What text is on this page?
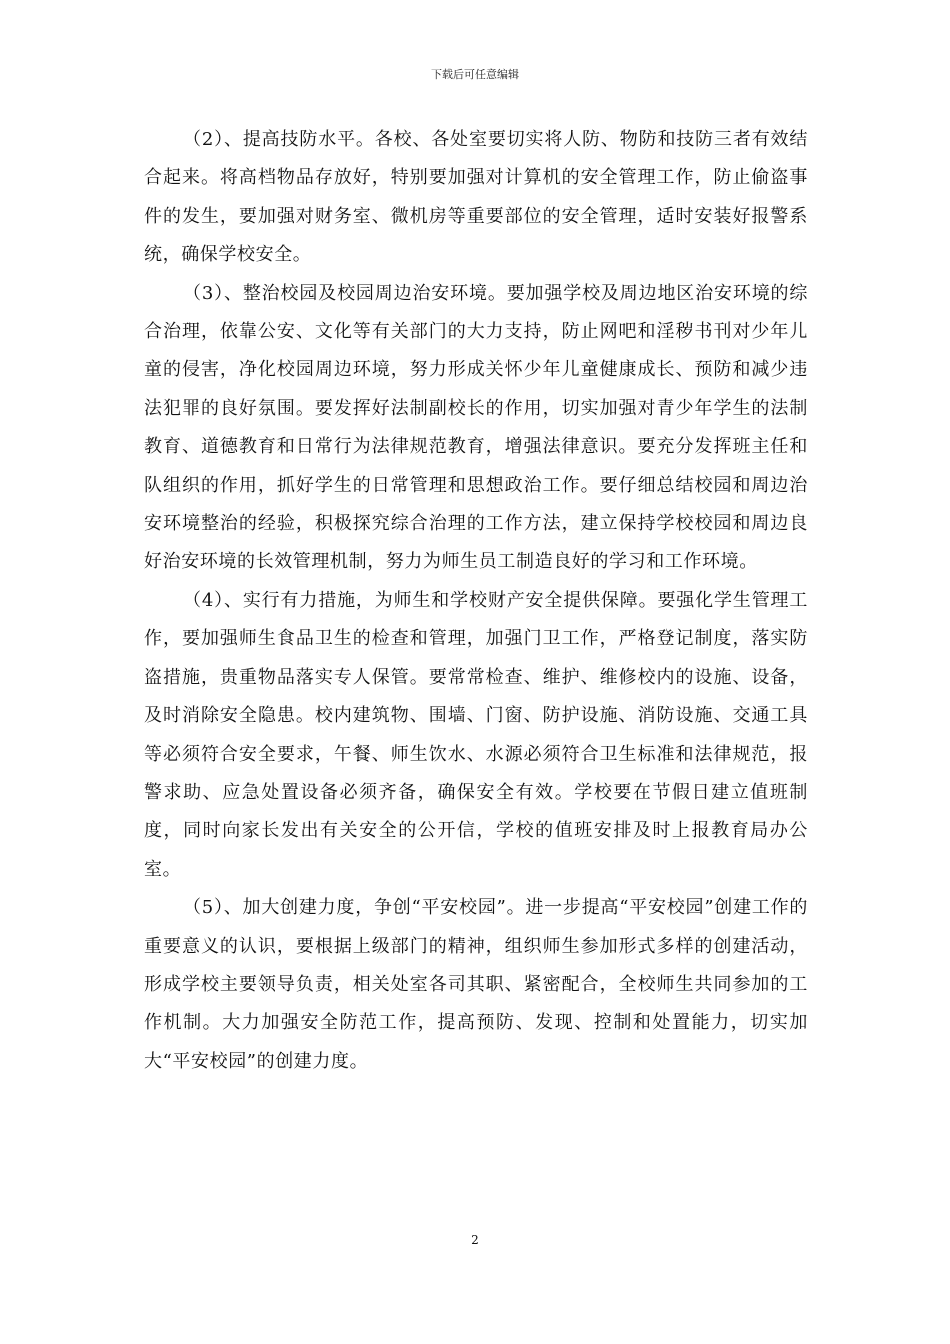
下载后可任意编辑

（2）、提高技防水平。各校、各处室要切实将人防、物防和技防三者有效结合起来。将高档物品存放好，特别要加强对计算机的安全管理工作，防止偷盗事件的发生，要加强对财务室、微机房等重要部位的安全管理，适时安装好报警系统，确保学校安全。

（3）、整治校园及校园周边治安环境。要加强学校及周边地区治安环境的综合治理，依靠公安、文化等有关部门的大力支持，防止网吧和淫秽书刊对少年儿童的侵害，净化校园周边环境，努力形成关怀少年儿童健康成长、预防和减少违法犯罪的良好氛围。要发挥好法制副校长的作用，切实加强对青少年学生的法制教育、道德教育和日常行为法律规范教育，增强法律意识。要充分发挥班主任和队组织的作用，抓好学生的日常管理和思想政治工作。要仔细总结校园和周边治安环境整治的经验，积极探究综合治理的工作方法，建立保持学校校园和周边良好治安环境的长效管理机制，努力为师生员工制造良好的学习和工作环境。

（4）、实行有力措施，为师生和学校财产安全提供保障。要强化学生管理工作，要加强师生食品卫生的检查和管理，加强门卫工作，严格登记制度，落实防盗措施，贵重物品落实专人保管。要常常检查、维护、维修校内的设施、设备，及时消除安全隐患。校内建筑物、围墙、门窗、防护设施、消防设施、交通工具等必须符合安全要求，午餐、师生饮水、水源必须符合卫生标准和法律规范，报警求助、应急处置设备必须齐备，确保安全有效。学校要在节假日建立值班制度，同时向家长发出有关安全的公开信，学校的值班安排及时上报教育局办公室。

（5）、加大创建力度，争创“平安校园”。进一步提高“平安校园”创建工作的重要意义的认识，要根据上级部门的精神，组织师生参加形式多样的创建活动，形成学校主要领导负责，相关处室各司其职、紧密配合，全校师生共同参加的工作机制。大力加强安全防范工作，提高预防、发现、控制和处置能力，切实加大“平安校园”的创建力度。

2
